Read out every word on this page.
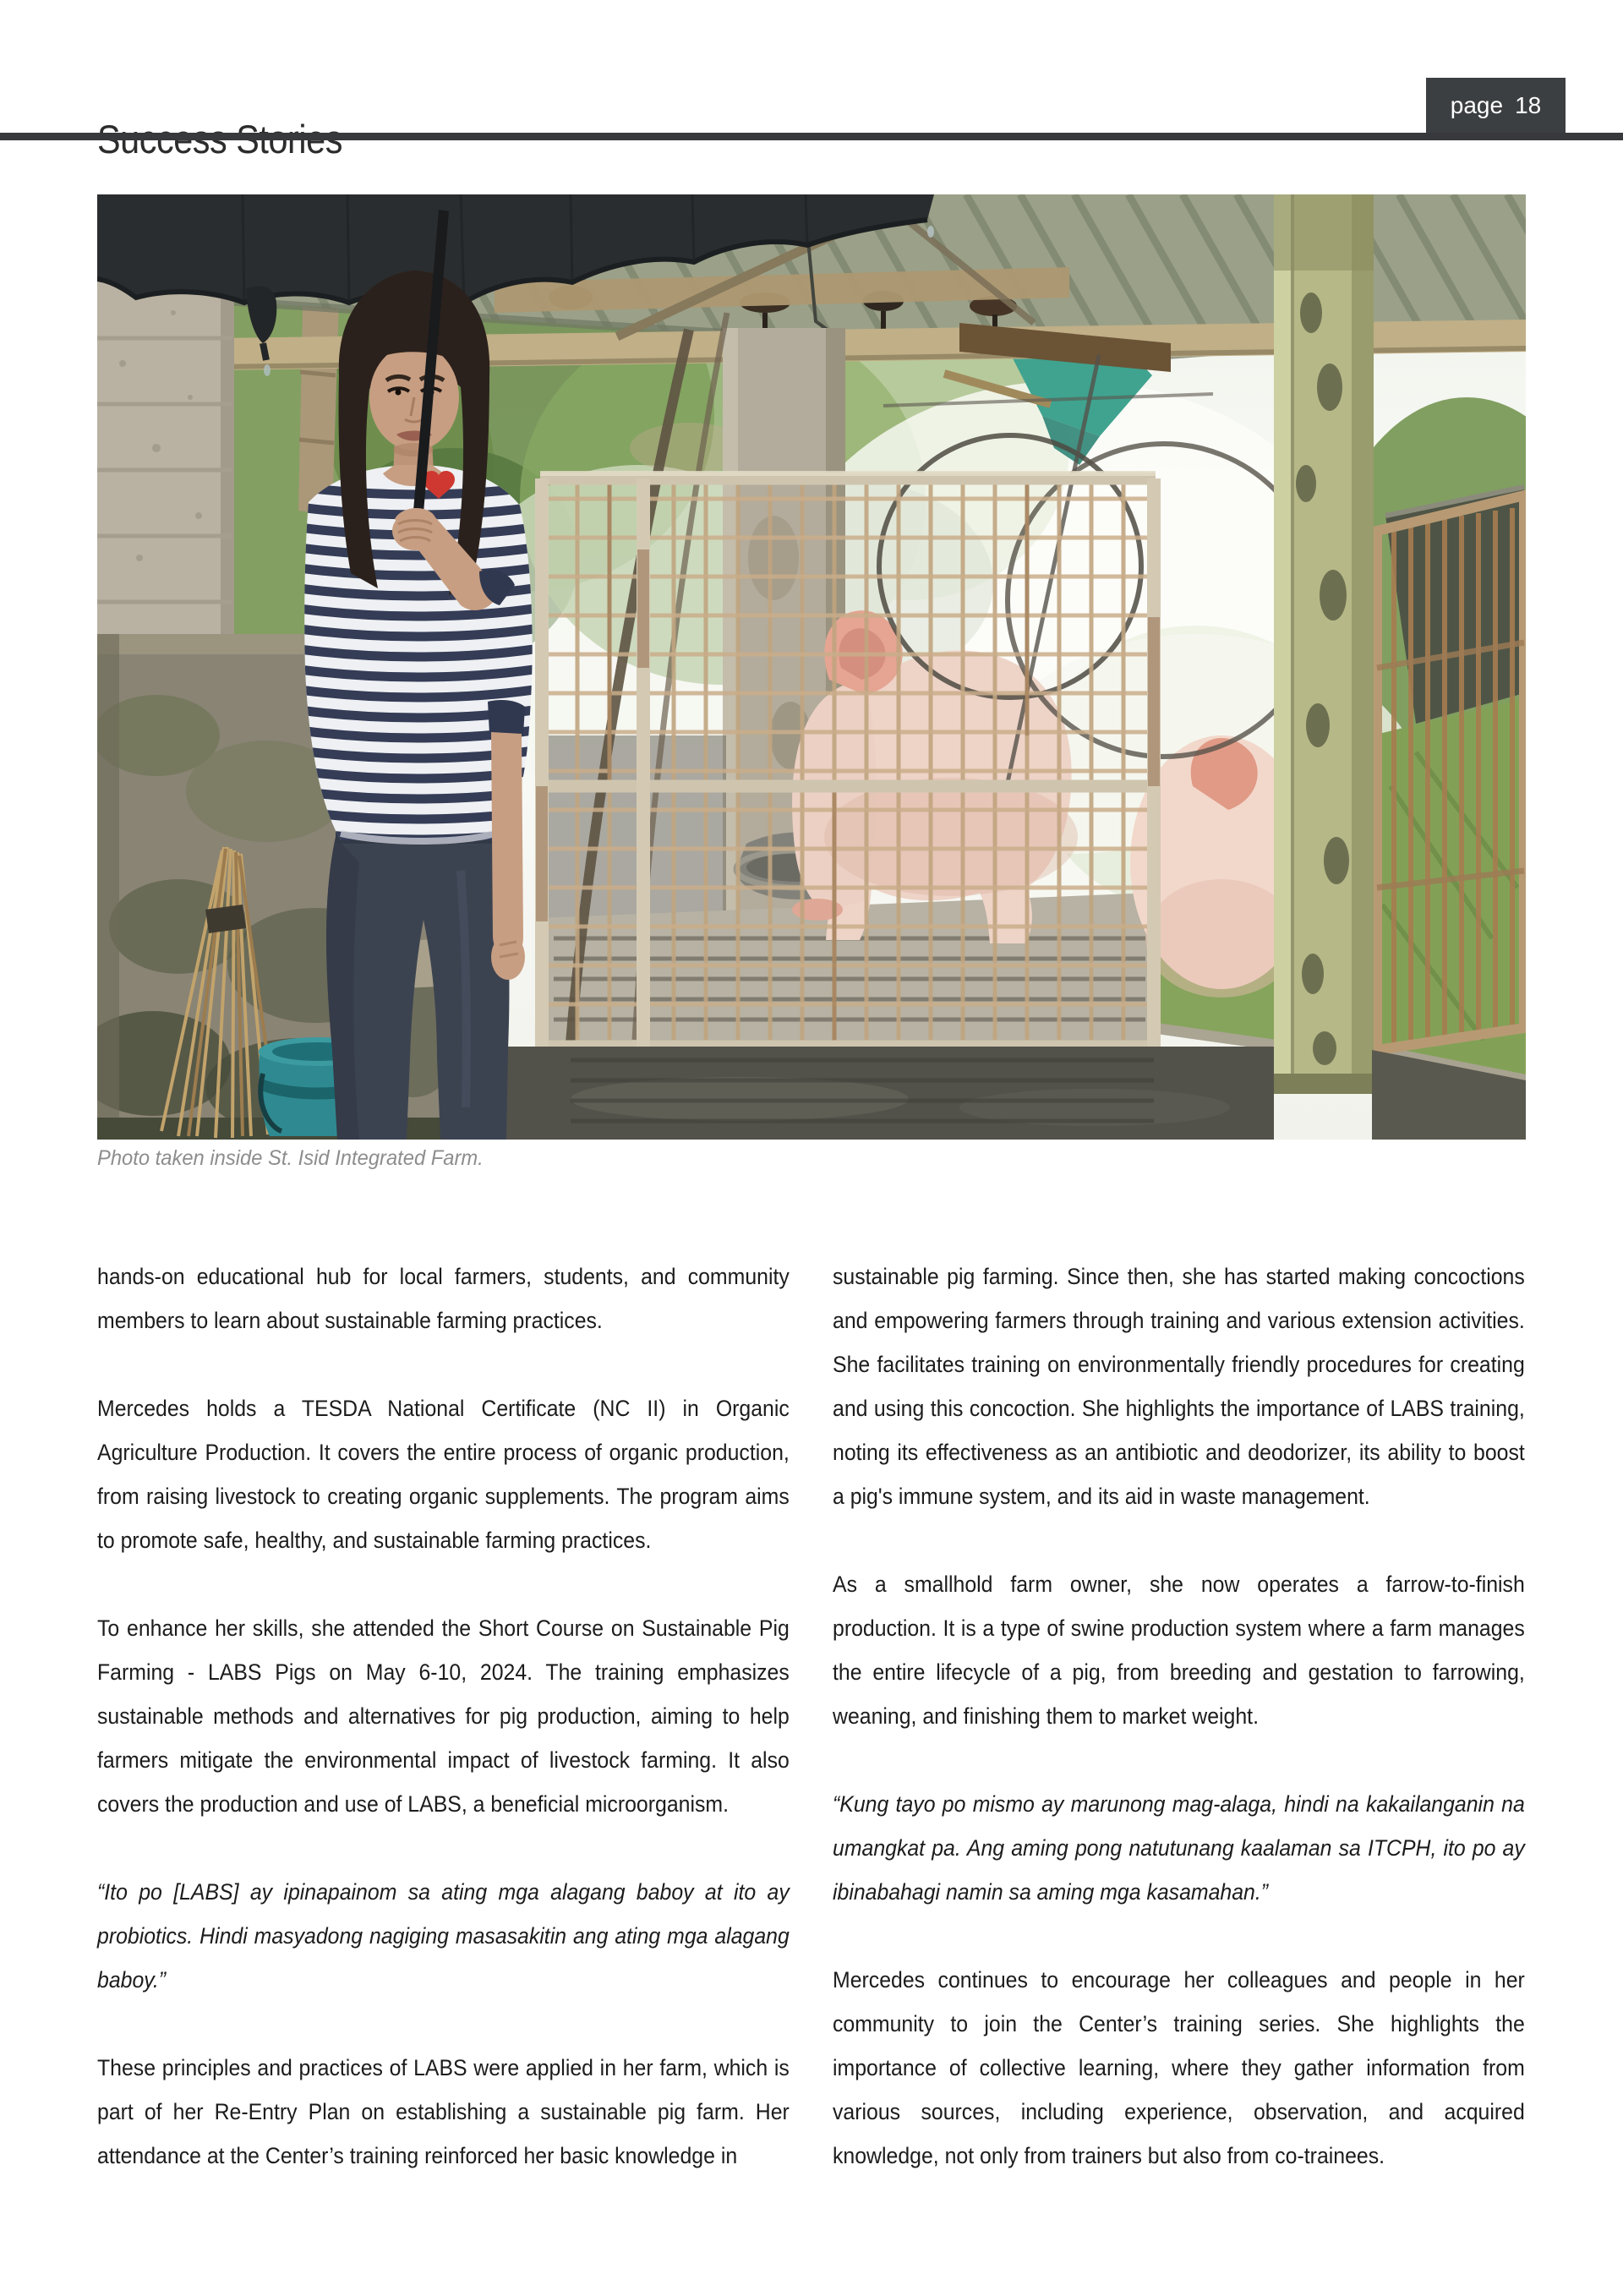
page 18
Photo taken inside St. Isid Integrated Farm.

hands-on educational hub for local farmers, students, and community members to learn about sustainable farming practices.

Mercedes holds a TESDA National Certificate (NC II) in Organic Agriculture Production. It covers the entire process of organic production, from raising livestock to creating organic supplements. The program aims to promote safe, healthy, and sustainable farming practices.

To enhance her skills, she attended the Short Course on Sustainable Pig Farming - LABS Pigs on May 6-10, 2024. The training emphasizes sustainable methods and alternatives for pig production, aiming to help farmers mitigate the environmental impact of livestock farming. It also covers the production and use of LABS, a beneficial microorganism.

“Ito po [LABS] ay ipinapainom sa ating mga alagang baboy at ito ay probiotics. Hindi masyadong nagiging masasakitin ang ating mga alagang baboy.”

These principles and practices of LABS were applied in her farm, which is part of her Re-Entry Plan on establishing a sustainable pig farm. Her attendance at the Center’s training reinforced her basic knowledge in

sustainable pig farming. Since then, she has started making concoctions and empowering farmers through training and various extension activities. She facilitates training on environmentally friendly procedures for creating and using this concoction. She highlights the importance of LABS training, noting its effectiveness as an antibiotic and deodorizer, its ability to boost a pig's immune system, and its aid in waste management.

As a smallhold farm owner, she now operates a farrow-to-finish production. It is a type of swine production system where a farm manages the entire lifecycle of a pig, from breeding and gestation to farrowing, weaning, and finishing them to market weight.

“Kung tayo po mismo ay marunong mag-alaga, hindi na kakailanganin na umangkat pa. Ang aming pong natutunang kaalaman sa ITCPH, ito po ay ibinabahagi namin sa aming mga kasamahan.”

Mercedes continues to encourage her colleagues and people in her community to join the Center’s training series. She highlights the importance of collective learning, where they gather information from various sources, including experience, observation, and acquired knowledge, not only from trainers but also from co-trainees.
